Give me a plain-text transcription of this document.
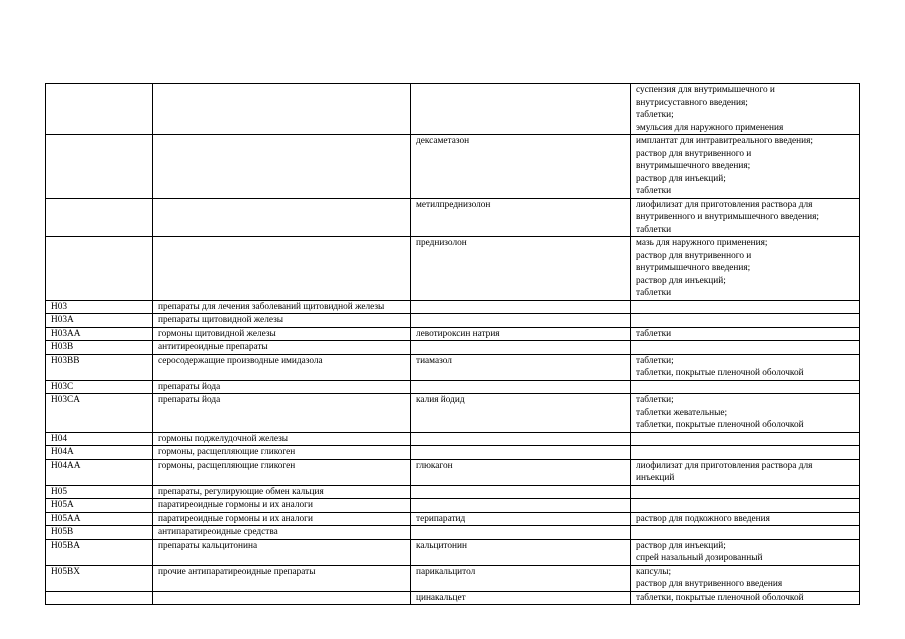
			суспензия для внутримышечного и
внутрисуставного введения;
таблетки;
эмульсия для наружного применения

		дексаметазон	имплантат для интравитреального введения;
раствор для внутривенного и
внутримышечного введения;
раствор для инъекций;
таблетки

		метилпреднизолон	лиофилизат для приготовления раствора для
внутривенного и внутримышечного введения;
таблетки

		преднизолон	мазь для наружного применения;
раствор для внутривенного и
внутримышечного введения;
раствор для инъекций;
таблетки

H03	препараты для лечения заболеваний щитовидной железы		
H03A	препараты щитовидной железы		
H03AA	гормоны щитовидной железы	левотироксин натрия	таблетки

H03B	антитиреоидные препараты		
H03BB	серосодержащие производные имидазола	тиамазол	таблетки;
таблетки, покрытые пленочной оболочкой

H03C	препараты йода		
H03CA	препараты йода	калия йодид	таблетки;
таблетки жевательные;
таблетки, покрытые пленочной оболочкой

H04	гормоны поджелудочной железы		
H04A	гормоны, расщепляющие гликоген		
H04AA	гормоны, расщепляющие гликоген	глюкагон	лиофилизат для приготовления раствора для
инъекций

H05	препараты, регулирующие обмен кальция		
H05A	паратиреоидные гормоны и их аналоги		
H05AA	паратиреоидные гормоны и их аналоги	терипаратид	раствор для подкожного введения

H05B	антипаратиреоидные средства		
H05BA	препараты кальцитонина	кальцитонин	раствор для инъекций;
спрей назальный дозированный

H05BX	прочие антипаратиреоидные препараты	парикальцитол	капсулы;
раствор для внутривенного введения

		цинакальцет	таблетки, покрытые пленочной оболочкой
